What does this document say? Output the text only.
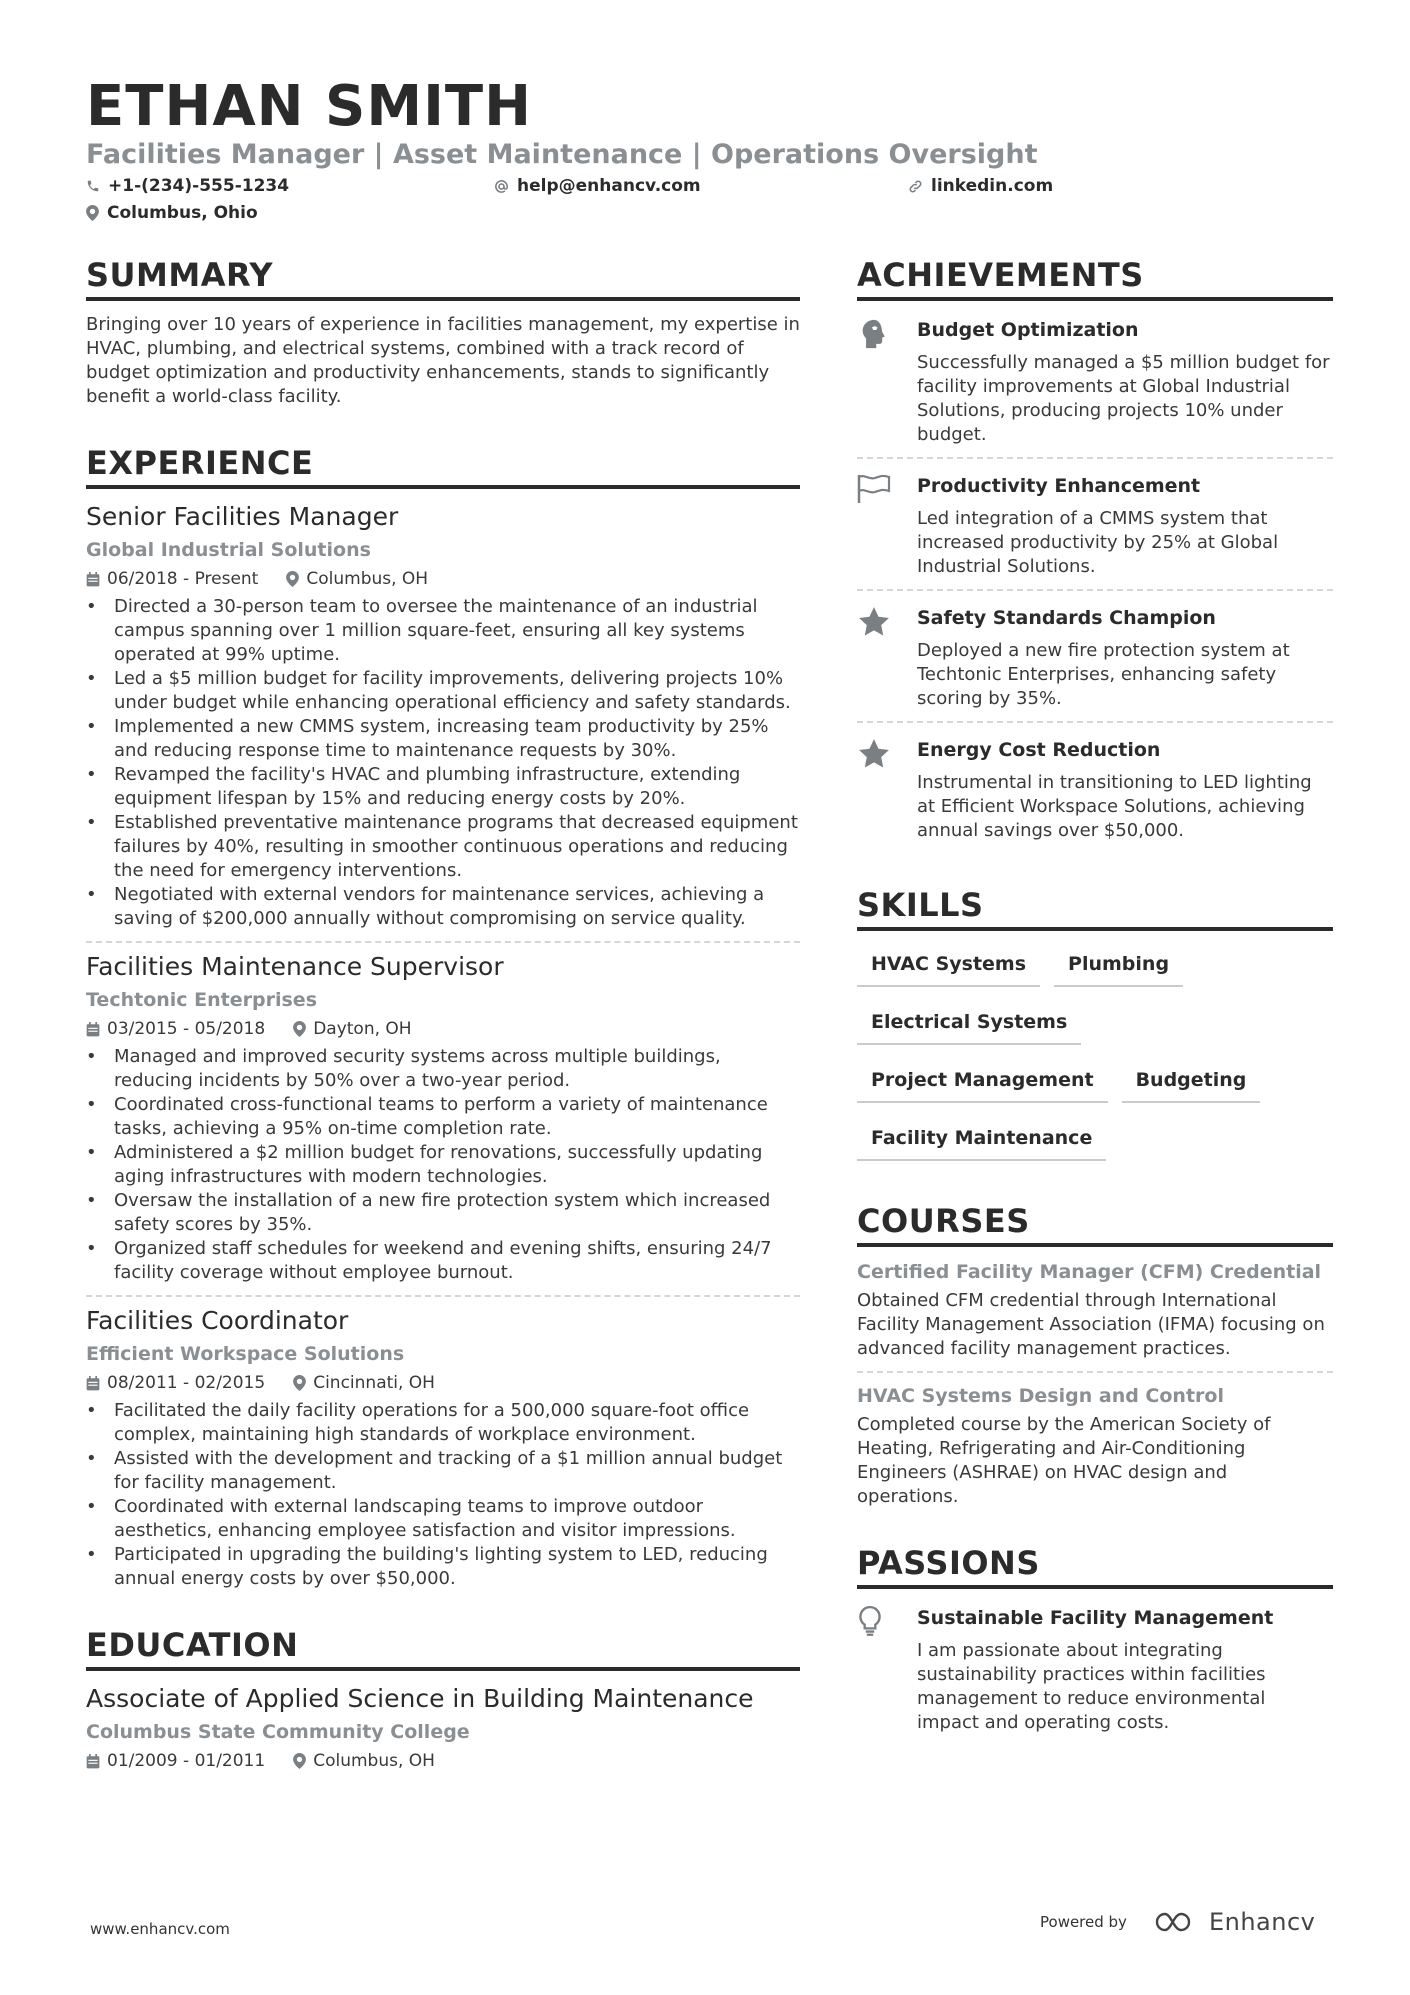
ETHAN SMITH
Facilities Manager | Asset Maintenance | Operations Oversight
+1-(234)-555-1234	help@enhancv.com	linkedin.com
Columbus, Ohio
SUMMARY

Bringing over 10 years of experience in facilities management, my expertise in HVAC, plumbing, and electrical systems, combined with a track record of budget optimization and productivity enhancements, stands to significantly benefit a world-class facility.

EXPERIENCE
Senior Facilities Manager
Global Industrial Solutions
06/2018 - Present	Columbus, OH
• Directed a 30-person team to oversee the maintenance of an industrial campus spanning over 1 million square-feet, ensuring all key systems operated at 99% uptime.
• Led a $5 million budget for facility improvements, delivering projects 10% under budget while enhancing operational efficiency and safety standards.
• Implemented a new CMMS system, increasing team productivity by 25% and reducing response time to maintenance requests by 30%.
• Revamped the facility's HVAC and plumbing infrastructure, extending equipment lifespan by 15% and reducing energy costs by 20%.
• Established preventative maintenance programs that decreased equipment failures by 40%, resulting in smoother continuous operations and reducing the need for emergency interventions.
• Negotiated with external vendors for maintenance services, achieving a saving of $200,000 annually without compromising on service quality.
Facilities Maintenance Supervisor
Techtonic Enterprises
03/2015 - 05/2018	Dayton, OH
• Managed and improved security systems across multiple buildings, reducing incidents by 50% over a two-year period.
• Coordinated cross-functional teams to perform a variety of maintenance tasks, achieving a 95% on-time completion rate.
• Administered a $2 million budget for renovations, successfully updating aging infrastructures with modern technologies.
• Oversaw the installation of a new fire protection system which increased safety scores by 35%.
• Organized staff schedules for weekend and evening shifts, ensuring 24/7 facility coverage without employee burnout.
Facilities Coordinator
Efficient Workspace Solutions
08/2011 - 02/2015	Cincinnati, OH
• Facilitated the daily facility operations for a 500,000 square-foot office complex, maintaining high standards of workplace environment.
• Assisted with the development and tracking of a $1 million annual budget for facility management.
• Coordinated with external landscaping teams to improve outdoor aesthetics, enhancing employee satisfaction and visitor impressions.
• Participated in upgrading the building's lighting system to LED, reducing annual energy costs by over $50,000.
EDUCATION
Associate of Applied Science in Building Maintenance
Columbus State Community College
01/2009 - 01/2011	Columbus, OH
ACHIEVEMENTS
Budget Optimization
Successfully managed a $5 million budget for facility improvements at Global Industrial Solutions, producing projects 10% under budget.
Productivity Enhancement
Led integration of a CMMS system that increased productivity by 25% at Global Industrial Solutions.
Safety Standards Champion
Deployed a new fire protection system at Techtonic Enterprises, enhancing safety scoring by 35%.
Energy Cost Reduction
Instrumental in transitioning to LED lighting at Efficient Workspace Solutions, achieving annual savings over $50,000.
SKILLS
HVAC Systems	Plumbing
Electrical Systems
Project Management	Budgeting
Facility Maintenance
COURSES
Certified Facility Manager (CFM) Credential
Obtained CFM credential through International Facility Management Association (IFMA) focusing on advanced facility management practices.
HVAC Systems Design and Control
Completed course by the American Society of Heating, Refrigerating and Air-Conditioning Engineers (ASHRAE) on HVAC design and operations.
PASSIONS
Sustainable Facility Management
I am passionate about integrating sustainability practices within facilities management to reduce environmental impact and operating costs.
www.enhancv.com	Powered by	Enhancv
